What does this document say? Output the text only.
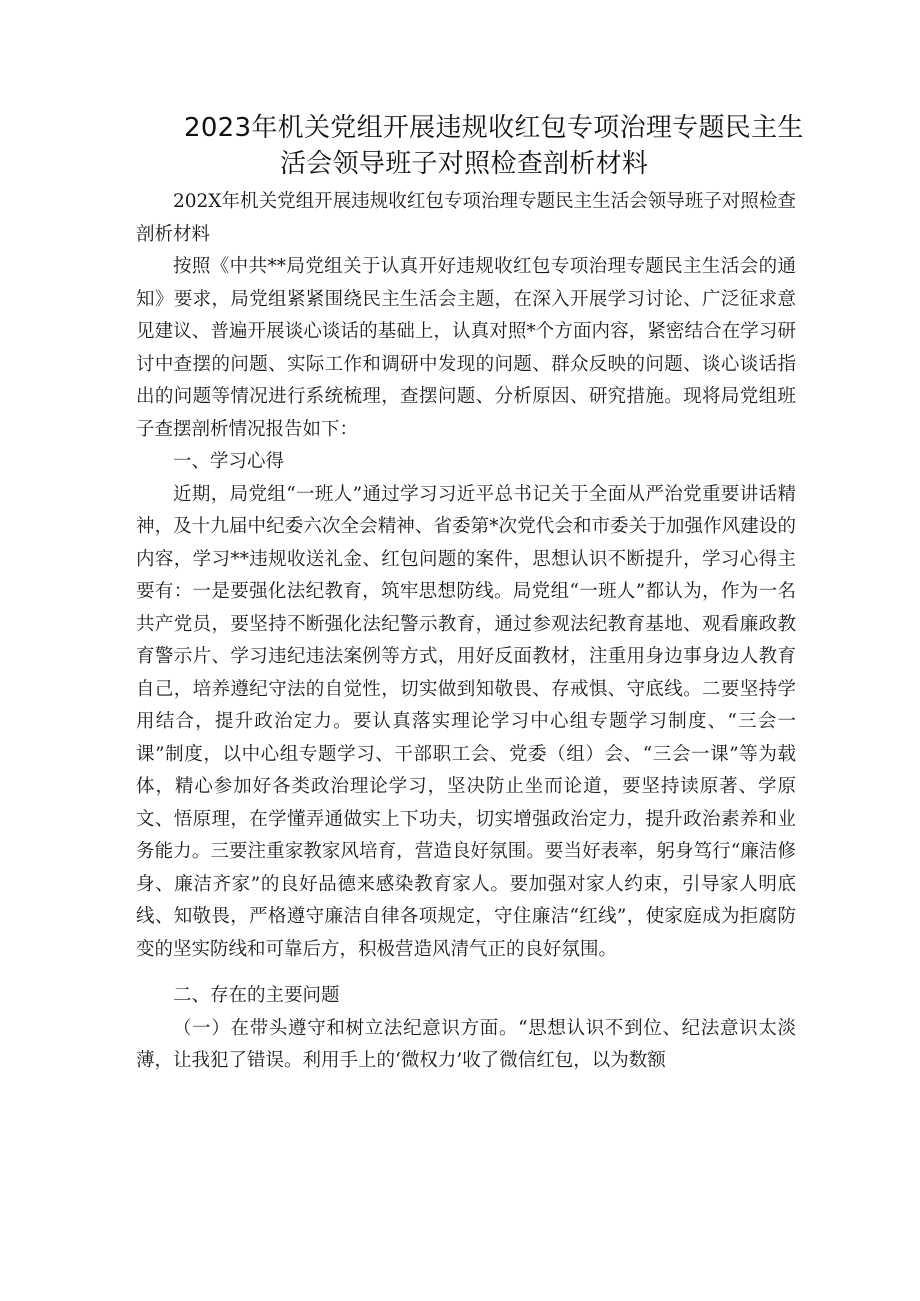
2023年机关党组开展违规收红包专项治理专题民主生
活会领导班子对照检查剖析材料

202X年机关党组开展违规收红包专项治理专题民主生活会领导班子对照检查剖析材料

按照《中共**局党组关于认真开好违规收红包专项治理专题民主生活会的通知》要求，局党组紧紧围绕民主生活会主题，在深入开展学习讨论、广泛征求意见建议、普遍开展谈心谈话的基础上，认真对照*个方面内容，紧密结合在学习研讨中查摆的问题、实际工作和调研中发现的问题、群众反映的问题、谈心谈话指出的问题等情况进行系统梳理，查摆问题、分析原因、研究措施。现将局党组班子查摆剖析情况报告如下：

一、学习心得

近期，局党组“一班人”通过学习习近平总书记关于全面从严治党重要讲话精神，及十九届中纪委六次全会精神、省委第*次党代会和市委关于加强作风建设的内容，学习**违规收送礼金、红包问题的案件，思想认识不断提升，学习心得主要有：一是要强化法纪教育，筑牢思想防线。局党组“一班人”都认为，作为一名共产党员，要坚持不断强化法纪警示教育，通过参观法纪教育基地、观看廉政教育警示片、学习违纪违法案例等方式，用好反面教材，注重用身边事身边人教育自己，培养遵纪守法的自觉性，切实做到知敬畏、存戒惧、守底线。二要坚持学用结合，提升政治定力。要认真落实理论学习中心组专题学习制度、“三会一课”制度，以中心组专题学习、干部职工会、党委（组）会、“三会一课”等为载体，精心参加好各类政治理论学习，坚决防止坐而论道，要坚持读原著、学原文、悟原理，在学懂弄通做实上下功夫，切实增强政治定力，提升政治素养和业务能力。三要注重家教家风培育，营造良好氛围。要当好表率，躬身笃行“廉洁修身、廉洁齐家”的良好品德来感染教育家人。要加强对家人约束，引导家人明底线、知敬畏，严格遵守廉洁自律各项规定，守住廉洁“红线”，使家庭成为拒腐防变的坚实防线和可靠后方，积极营造风清气正的良好氛围。

二、存在的主要问题

（一）在带头遵守和树立法纪意识方面。“思想认识不到位、纪法意识太淡薄，让我犯了错误。利用手上的‘微权力’收了微信红包，以为数额
